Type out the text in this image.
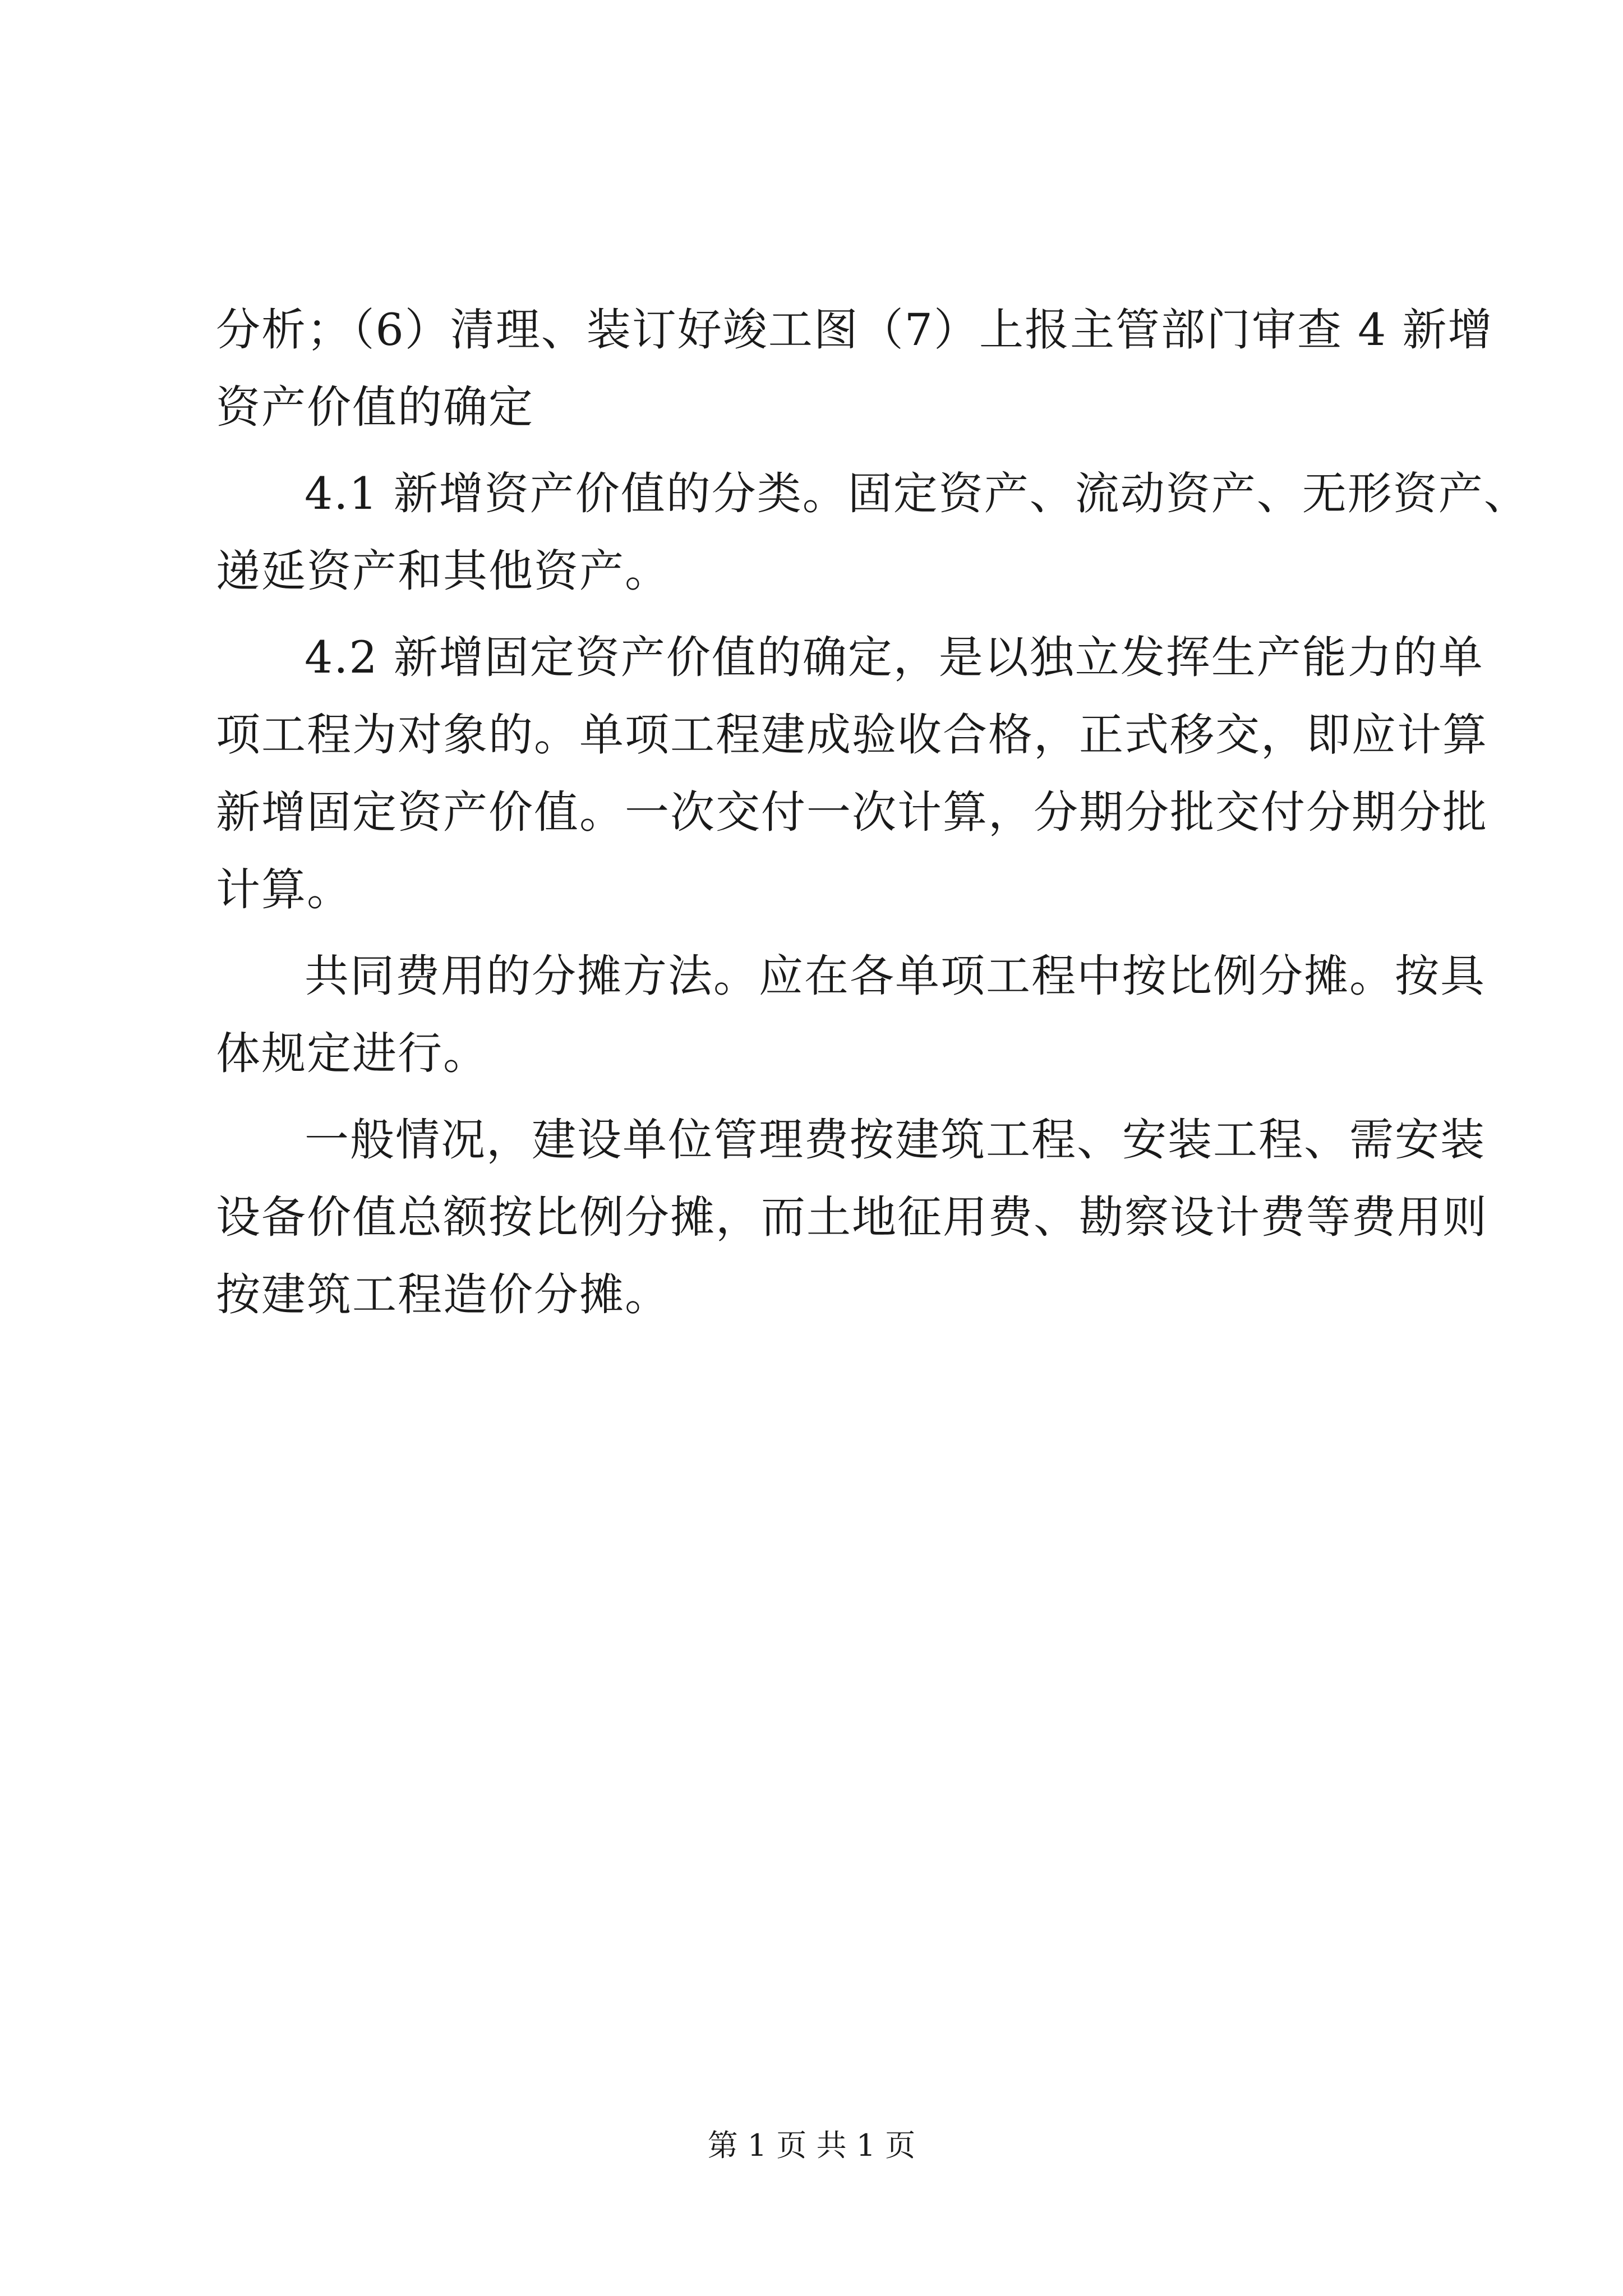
分析；（6）清理、装订好竣工图（7）上报主管部门审查 4 新增
资产价值的确定
4.1 新增资产价值的分类。固定资产、流动资产、无形资产、
递延资产和其他资产。
4.2 新增固定资产价值的确定，是以独立发挥生产能力的单
项工程为对象的。单项工程建成验收合格，正式移交，即应计算
新增固定资产价值。一次交付一次计算，分期分批交付分期分批
计算。
共同费用的分摊方法。应在各单项工程中按比例分摊。按具
体规定进行。
一般情况，建设单位管理费按建筑工程、安装工程、需安装
设备价值总额按比例分摊，而土地征用费、勘察设计费等费用则
按建筑工程造价分摊。
第 1 页 共 1 页
